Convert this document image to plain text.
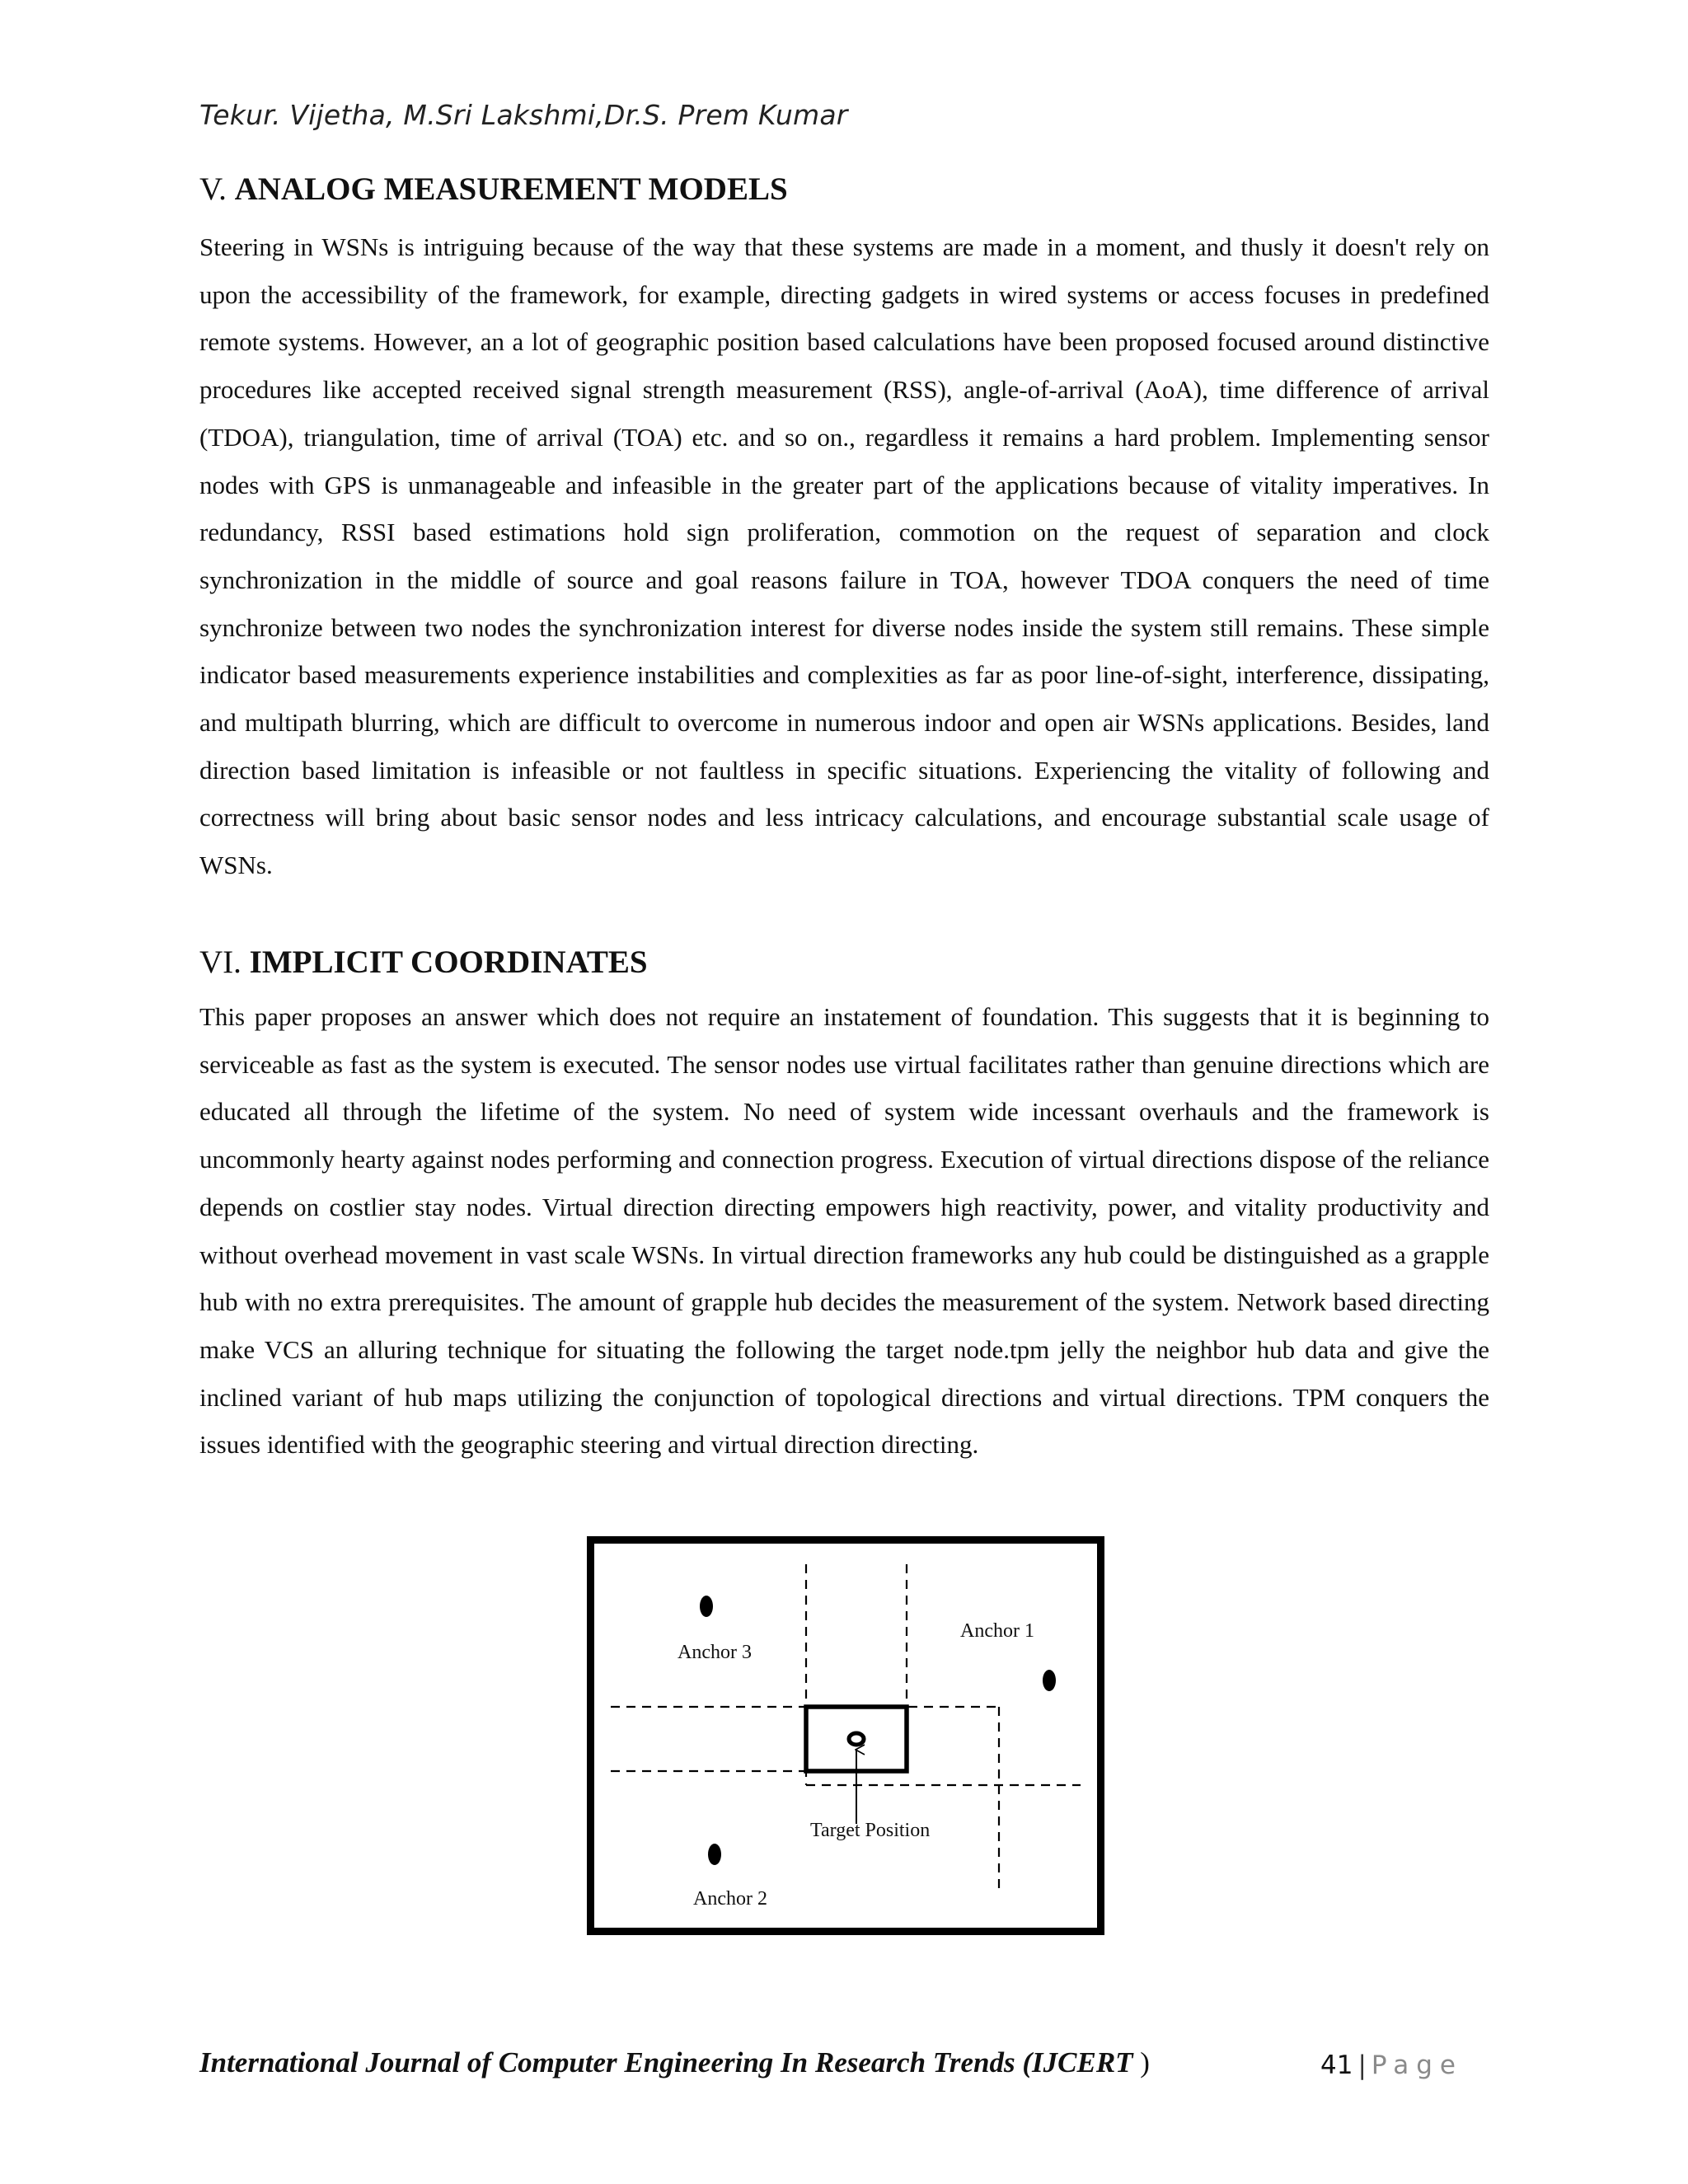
Tekur. Vijetha, M.Sri Lakshmi,Dr.S. Prem Kumar
V. ANALOG MEASUREMENT MODELS
Steering in WSNs is intriguing because of the way that these systems are made in a moment, and thusly it doesn't rely on upon the accessibility of the framework, for example, directing gadgets in wired systems or access focuses in predefined remote systems. However, an a lot of geographic position based calculations have been proposed focused around distinctive procedures like accepted received signal strength measurement (RSS), angle-of-arrival (AoA), time difference of arrival (TDOA), triangulation, time of arrival (TOA) etc. and so on., regardless it remains a hard problem. Implementing sensor nodes with GPS is unmanageable and infeasible in the greater part of the applications because of vitality imperatives. In redundancy, RSSI based estimations hold sign proliferation, commotion on the request of separation and clock synchronization in the middle of source and goal reasons failure in TOA, however TDOA conquers the need of time synchronize between two nodes the synchronization interest for diverse nodes inside the system still remains. These simple indicator based measurements experience instabilities and complexities as far as poor line-of-sight, interference, dissipating, and multipath blurring, which are difficult to overcome in numerous indoor and open air WSNs applications. Besides, land direction based limitation is infeasible or not faultless in specific situations. Experiencing the vitality of following and correctness will bring about basic sensor nodes and less intricacy calculations, and encourage substantial scale usage of WSNs.
VI. IMPLICIT COORDINATES
This paper proposes an answer which does not require an instatement of foundation. This suggests that it is beginning to serviceable as fast as the system is executed. The sensor nodes use virtual facilitates rather than genuine directions which are educated all through the lifetime of the system. No need of system wide incessant overhauls and the framework is uncommonly hearty against nodes performing and connection progress. Execution of virtual directions dispose of the reliance depends on costlier stay nodes. Virtual direction directing empowers high reactivity, power, and vitality productivity and without overhead movement in vast scale WSNs. In virtual direction frameworks any hub could be distinguished as a grapple hub with no extra prerequisites. The amount of grapple hub decides the measurement of the system. Network based directing make VCS an alluring technique for situating the following the target node.tpm jelly the neighbor hub data and give the inclined variant of hub maps utilizing the conjunction of topological directions and virtual directions. TPM conquers the issues identified with the geographic steering and virtual direction directing.
Anchor 3
Anchor 1
Anchor 2
Target Position
International Journal of Computer Engineering In Research Trends (IJCERT )	41 | Page
